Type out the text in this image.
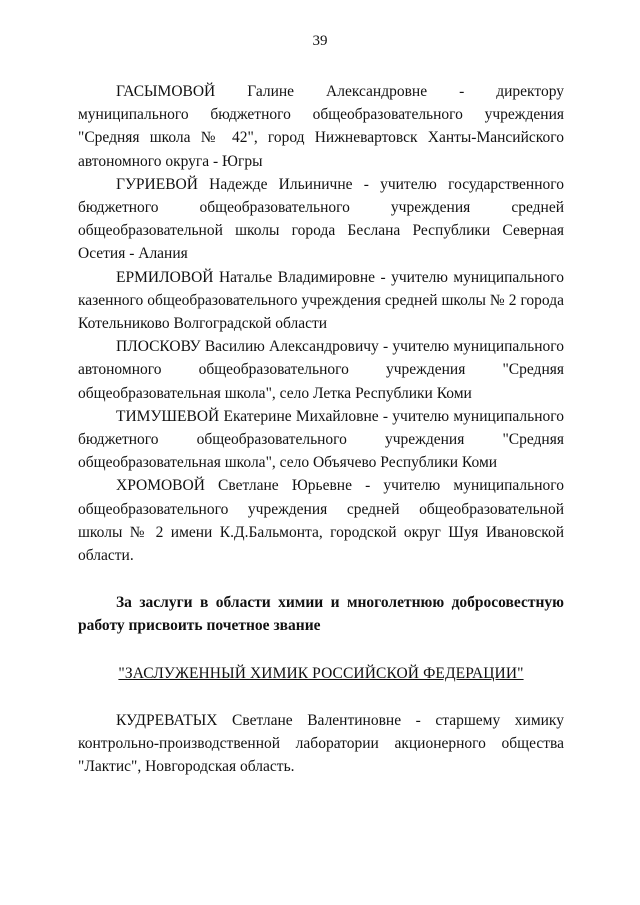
39

ГАСЫМОВОЙ Галине Александровне - директору муниципального бюджетного общеобразовательного учреждения "Средняя школа № 42", город Нижневартовск Ханты-Мансийского автономного округа - Югры

ГУРИЕВОЙ Надежде Ильиничне - учителю государственного бюджетного общеобразовательного учреждения средней общеобразовательной школы города Беслана Республики Северная Осетия - Алания

ЕРМИЛОВОЙ Наталье Владимировне - учителю муниципального казенного общеобразовательного учреждения средней школы № 2 города Котельниково Волгоградской области

ПЛОСКОВУ Василию Александровичу - учителю муниципального автономного общеобразовательного учреждения "Средняя общеобразовательная школа", село Летка Республики Коми

ТИМУШЕВОЙ Екатерине Михайловне - учителю муниципального бюджетного общеобразовательного учреждения "Средняя общеобразовательная школа", село Объячево Республики Коми

ХРОМОВОЙ Светлане Юрьевне - учителю муниципального общеобразовательного учреждения средней общеобразовательной школы № 2 имени К.Д.Бальмонта, городской округ Шуя Ивановской области.

За заслуги в области химии и многолетнюю добросовестную работу присвоить почетное звание

"ЗАСЛУЖЕННЫЙ ХИМИК РОССИЙСКОЙ ФЕДЕРАЦИИ"

КУДРЕВАТЫХ Светлане Валентиновне - старшему химику контрольно-производственной лаборатории акционерного общества "Лактис", Новгородская область.
